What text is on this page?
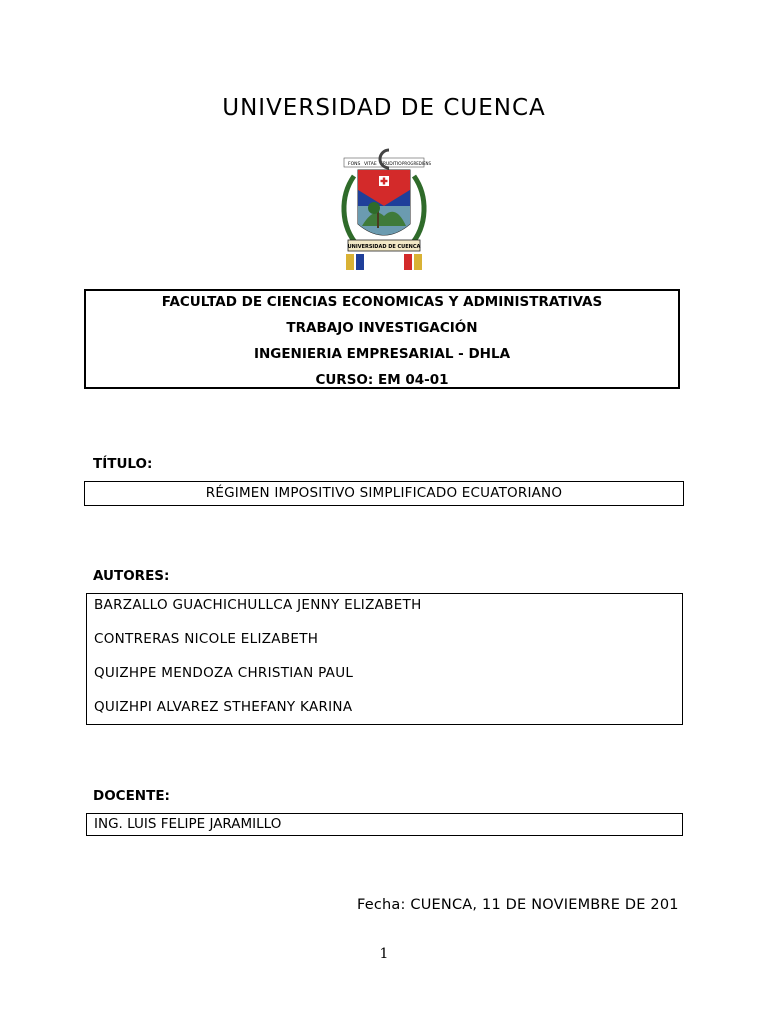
UNIVERSIDAD DE CUENCA
FONS VITAE ERUDITIO PROGREDIENS
UNIVERSIDAD DE CUENCA
FACULTAD DE CIENCIAS ECONOMICAS Y ADMINISTRATIVAS
TRABAJO INVESTIGACIÓN
INGENIERIA EMPRESARIAL - DHLA
CURSO: EM 04-01
TÍTULO:
RÉGIMEN IMPOSITIVO SIMPLIFICADO ECUATORIANO
AUTORES:
BARZALLO GUACHICHULLCA JENNY ELIZABETH
CONTRERAS NICOLE ELIZABETH
QUIZHPE MENDOZA CHRISTIAN PAUL
QUIZHPI ALVAREZ STHEFANY KARINA
DOCENTE:
ING. LUIS FELIPE JARAMILLO
Fecha: CUENCA, 11 DE NOVIEMBRE DE 201
1
